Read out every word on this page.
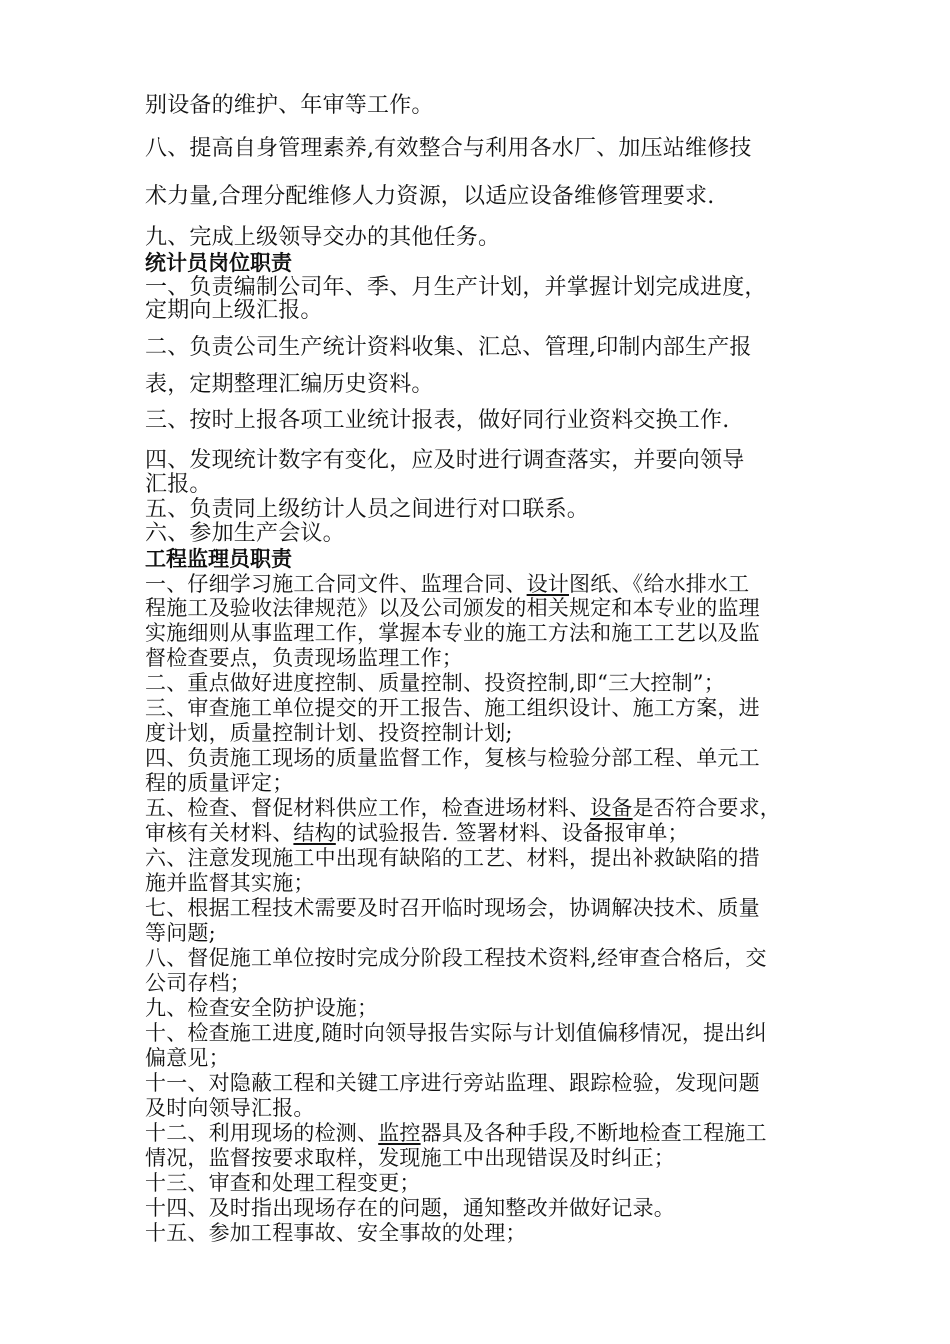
别设备的维护、年审等工作。
八、提高自身管理素养,有效整合与利用各水厂、加压站维修技
术力量,合理分配维修人力资源，以适应设备维修管理要求.
九、完成上级领导交办的其他任务。
统计员岗位职责
一、负责编制公司年、季、月生产计划，并掌握计划完成进度，
定期向上级汇报。
二、负责公司生产统计资料收集、汇总、管理,印制内部生产报
表，定期整理汇编历史资料。
三、按时上报各项工业统计报表，做好同行业资料交换工作.
四、发现统计数字有变化，应及时进行调查落实，并要向领导
汇报。
五、负责同上级纺计人员之间进行对口联系。
六、参加生产会议。
工程监理员职责
一、仔细学习施工合同文件、监理合同、设计图纸、《给水排水工
程施工及验收法律规范》以及公司颁发的相关规定和本专业的监理
实施细则从事监理工作，掌握本专业的施工方法和施工工艺以及监
督检查要点，负责现场监理工作；
二、重点做好进度控制、质量控制、投资控制,即“三大控制”；
三、审查施工单位提交的开工报告、施工组织设计、施工方案，进
度计划，质量控制计划、投资控制计划;
四、负责施工现场的质量监督工作，复核与检验分部工程、单元工
程的质量评定；
五、检查、督促材料供应工作，检查进场材料、设备是否符合要求，
审核有关材料、结构的试验报告. 签署材料、设备报审单；
六、注意发现施工中出现有缺陷的工艺、材料，提出补救缺陷的措
施并监督其实施；
七、根据工程技术需要及时召开临时现场会，协调解决技术、质量
等问题;
八、督促施工单位按时完成分阶段工程技术资料,经审查合格后，交
公司存档；
九、检查安全防护设施；
十、检查施工进度,随时向领导报告实际与计划值偏移情况，提出纠
偏意见；
十一、对隐蔽工程和关键工序进行旁站监理、跟踪检验，发现问题
及时向领导汇报。
十二、利用现场的检测、监控器具及各种手段,不断地检查工程施工
情况，监督按要求取样，发现施工中出现错误及时纠正；
十三、审查和处理工程变更；
十四、及时指出现场存在的问题，通知整改并做好记录。
十五、参加工程事故、安全事故的处理；
